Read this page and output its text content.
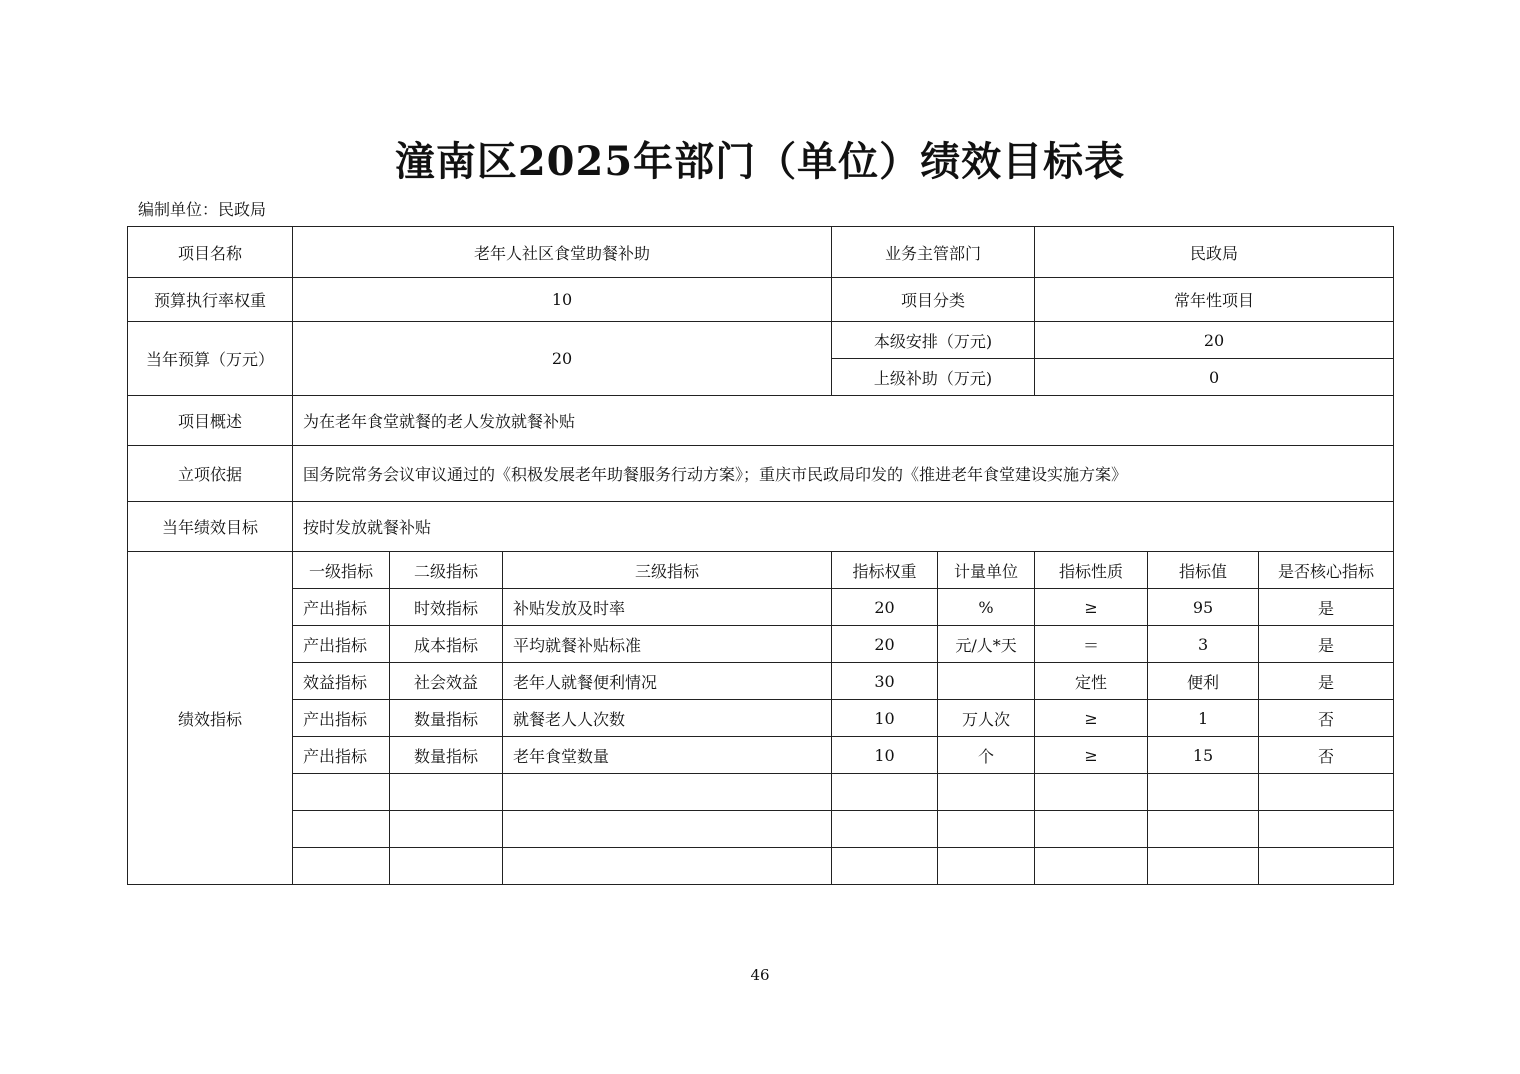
潼南区2025年部门（单位）绩效目标表
编制单位：民政局
项目名称	老年人社区食堂助餐补助			业务主管部门		民政局		
预算执行率权重	10			项目分类		常年性项目		
当年预算（万元）	20			本级安排（万元)		20		
				上级补助（万元)		0		
项目概述	为在老年食堂就餐的老人发放就餐补贴							
立项依据	国务院常务会议审议通过的《积极发展老年助餐服务行动方案》；重庆市民政局印发的《推进老年食堂建设实施方案》							
当年绩效目标	按时发放就餐补贴							
绩效指标	一级指标	二级指标	三级指标	指标权重	计量单位	指标性质	指标值	是否核心指标
	产出指标	时效指标	补贴发放及时率	20	%	≥	95	是
	产出指标	成本指标	平均就餐补贴标准	20	元/人*天	＝	3	是
	效益指标	社会效益	老年人就餐便利情况	30		定性	便利	是
	产出指标	数量指标	就餐老人人次数	10	万人次	≥	1	否
	产出指标	数量指标	老年食堂数量	10	个	≥	15	否

46
